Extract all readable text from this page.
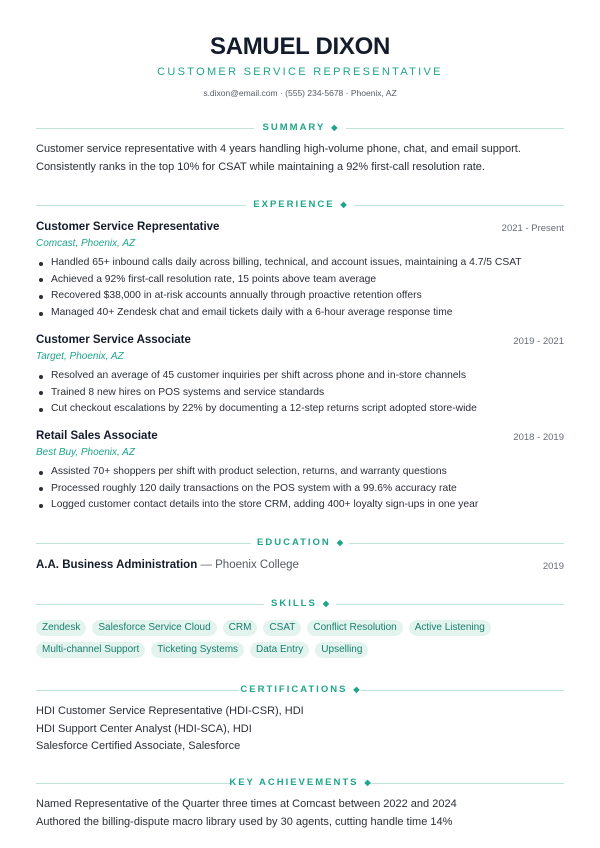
SAMUEL DIXON
CUSTOMER SERVICE REPRESENTATIVE
s.dixon@email.com · (555) 234-5678 · Phoenix, AZ
SUMMARY ◆
Customer service representative with 4 years handling high-volume phone, chat, and email support.
Consistently ranks in the top 10% for CSAT while maintaining a 92% first-call resolution rate.
EXPERIENCE ◆
Customer Service Representative	2021 - Present
Comcast, Phoenix, AZ
Handled 65+ inbound calls daily across billing, technical, and account issues, maintaining a 4.7/5 CSAT
Achieved a 92% first-call resolution rate, 15 points above team average
Recovered $38,000 in at-risk accounts annually through proactive retention offers
Managed 40+ Zendesk chat and email tickets daily with a 6-hour average response time
Customer Service Associate	2019 - 2021
Target, Phoenix, AZ
Resolved an average of 45 customer inquiries per shift across phone and in-store channels
Trained 8 new hires on POS systems and service standards
Cut checkout escalations by 22% by documenting a 12-step returns script adopted store-wide
Retail Sales Associate	2018 - 2019
Best Buy, Phoenix, AZ
Assisted 70+ shoppers per shift with product selection, returns, and warranty questions
Processed roughly 120 daily transactions on the POS system with a 99.6% accuracy rate
Logged customer contact details into the store CRM, adding 400+ loyalty sign-ups in one year
EDUCATION ◆
A.A. Business Administration — Phoenix College	2019
SKILLS ◆
Zendesk	Salesforce Service Cloud	CRM	CSAT	Conflict Resolution	Active Listening
Multi-channel Support	Ticketing Systems	Data Entry	Upselling
CERTIFICATIONS ◆
HDI Customer Service Representative (HDI-CSR), HDI
HDI Support Center Analyst (HDI-SCA), HDI
Salesforce Certified Associate, Salesforce
KEY ACHIEVEMENTS ◆
Named Representative of the Quarter three times at Comcast between 2022 and 2024
Authored the billing-dispute macro library used by 30 agents, cutting handle time 14%
